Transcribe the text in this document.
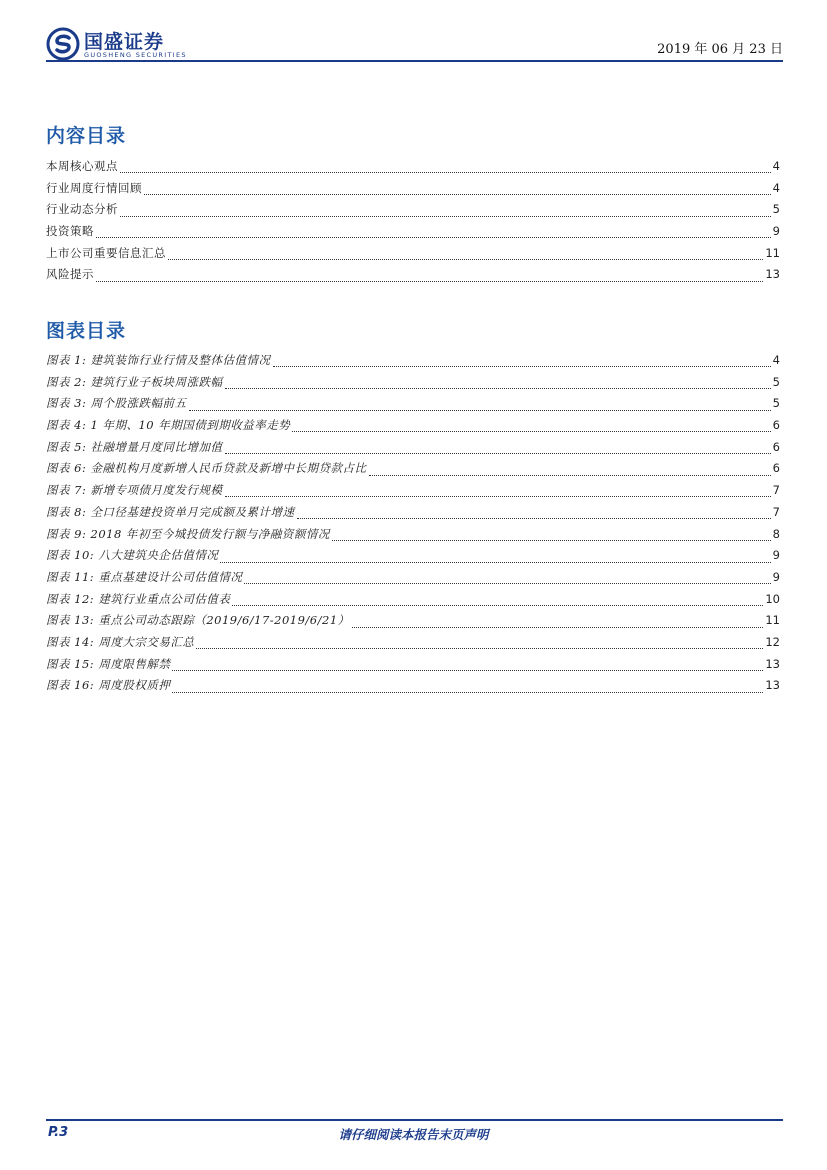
国盛证券
GUOSHENG SECURITIES	2019 年 06 月 23 日
内容目录
本周核心观点	4
行业周度行情回顾	4
行业动态分析	5
投资策略	9
上市公司重要信息汇总	11
风险提示	13
图表目录
图表 1: 建筑装饰行业行情及整体估值情况	4
图表 2: 建筑行业子板块周涨跌幅	5
图表 3: 周个股涨跌幅前五	5
图表 4: 1 年期、10 年期国债到期收益率走势	6
图表 5: 社融增量月度同比增加值	6
图表 6: 金融机构月度新增人民币贷款及新增中长期贷款占比	6
图表 7: 新增专项债月度发行规模	7
图表 8: 全口径基建投资单月完成额及累计增速	7
图表 9: 2018 年初至今城投债发行额与净融资额情况	8
图表 10: 八大建筑央企估值情况	9
图表 11: 重点基建设计公司估值情况	9
图表 12: 建筑行业重点公司估值表	10
图表 13: 重点公司动态跟踪（2019/6/17-2019/6/21）	11
图表 14: 周度大宗交易汇总	12
图表 15: 周度限售解禁	13
图表 16: 周度股权质押	13
P.3	请仔细阅读本报告末页声明
